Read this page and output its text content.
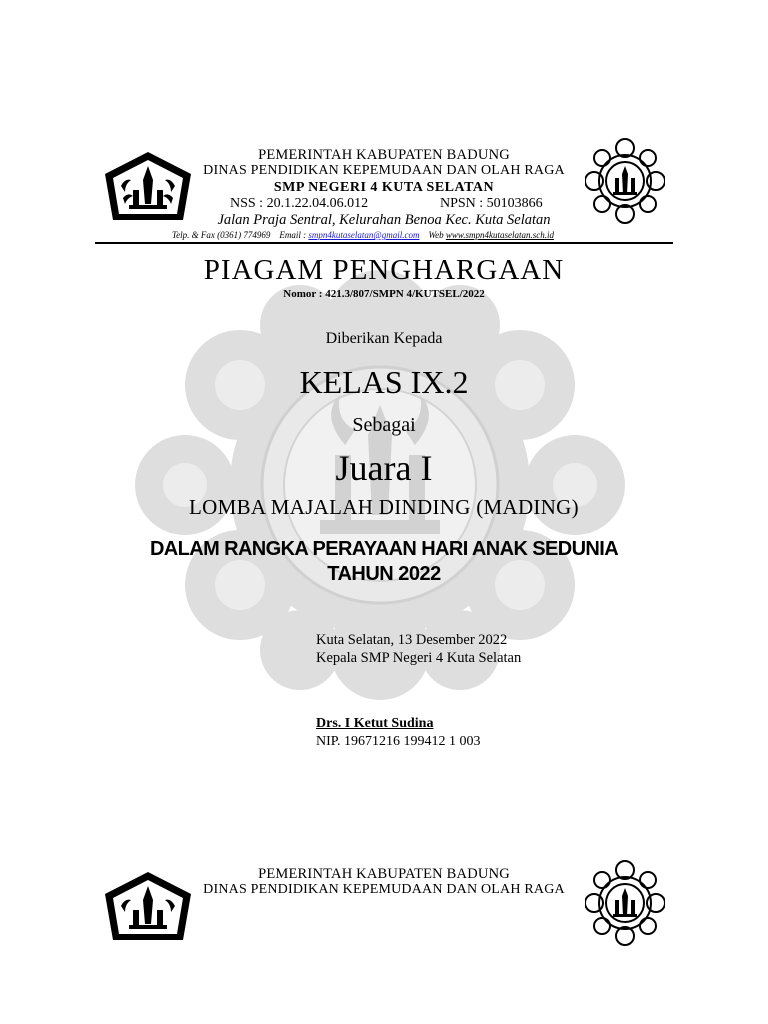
PEMERINTAH KABUPATEN BADUNG
DINAS PENDIDIKAN KEPEMUDAAN DAN OLAH RAGA
SMP NEGERI 4 KUTA SELATAN
NSS : 20.1.22.04.06.012	NPSN : 50103866
Jalan Praja Sentral, Kelurahan Benoa Kec. Kuta Selatan
Telp. & Fax (0361) 774969 Email : smpn4kutaselatan@gmail.com Web www.smpn4kutaselatan.sch.id
PIAGAM PENGHARGAAN
Nomor : 421.3/807/SMPN 4/KUTSEL/2022
Diberikan Kepada
KELAS IX.2
Sebagai
Juara I
LOMBA MAJALAH DINDING (MADING)
DALAM RANGKA PERAYAAN HARI ANAK SEDUNIA
TAHUN 2022
Kuta Selatan, 13 Desember 2022
Kepala SMP Negeri 4 Kuta Selatan
Drs. I Ketut Sudina
NIP. 19671216 199412 1 003
PEMERINTAH KABUPATEN BADUNG
DINAS PENDIDIKAN KEPEMUDAAN DAN OLAH RAGA
